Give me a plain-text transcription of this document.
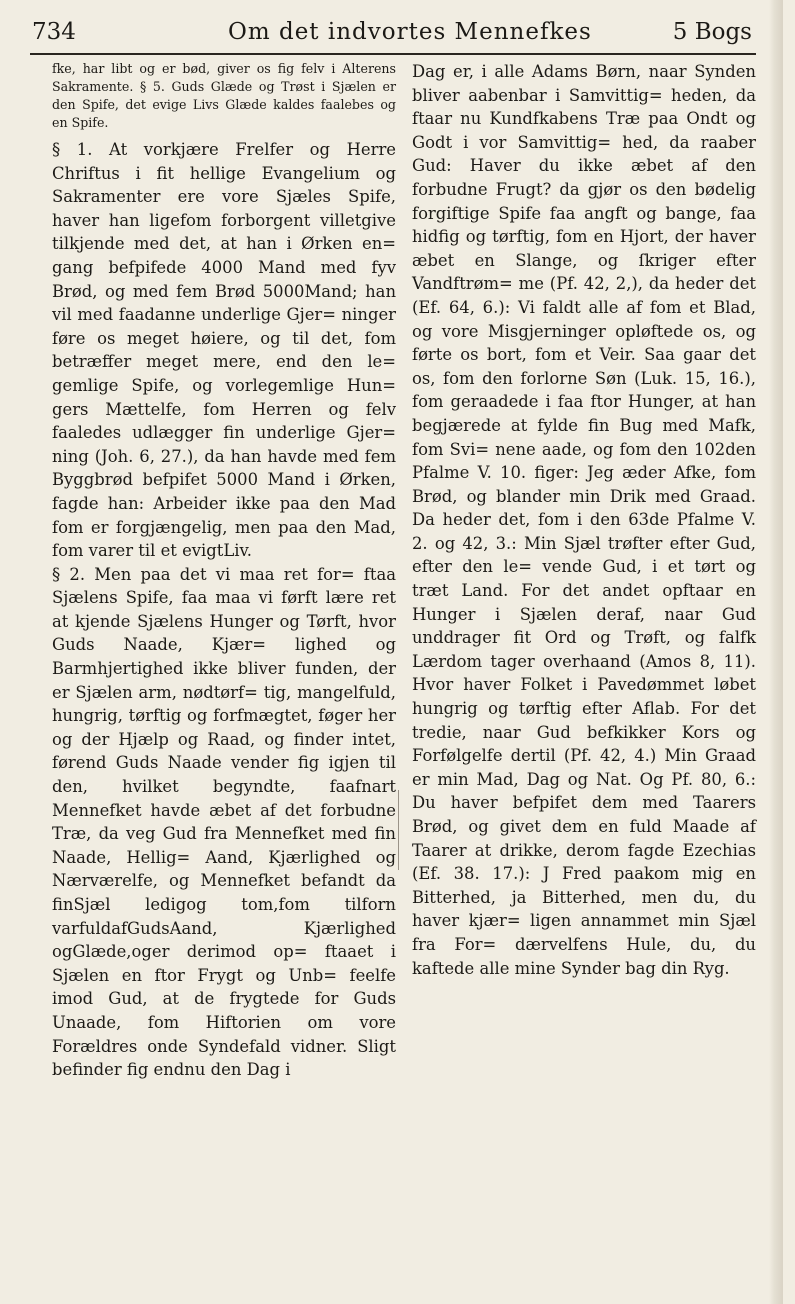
734	Om det indvortes Mennefkes	5 Bogs

fke, har libt og er bød, giver os fig felv i Alterens Sakramente. § 5. Guds Glæde og Trøst i Sjælen er den Spife, det evige Livs Glæde kaldes faalebes og en Spife.

§ 1. At vorkjære Frelfer og Herre Chriftus i fit hellige Evangelium og Sakramenter ere vore Sjæles Spife, haver han ligefom forborgent villetgive tilkjende med det, at han i Ørken en= gang befpifede 4000 Mand med fyv Brød, og med fem Brød 5000Mand; han vil med faadanne underlige Gjer= ninger føre os meget høiere, og til det, fom betræffer meget mere, end den le= gemlige Spife, og vorlegemlige Hun= gers Mættelfe, fom Herren og felv faaledes udlægger fin underlige Gjer= ning (Joh. 6, 27.), da han havde med fem Byggbrød befpifet 5000 Mand i Ørken, fagde han: Arbeider ikke paa den Mad fom er forgjængelig, men paa den Mad, fom varer til et evigtLiv.

§ 2. Men paa det vi maa ret for= ftaa Sjælens Spife, faa maa vi førft lære ret at kjende Sjælens Hunger og Tørft, hvor Guds Naade, Kjær= lighed og Barmhjertighed ikke bliver funden, der er Sjælen arm, nødtørf= tig, mangelfuld, hungrig, tørftig og forfmægtet, føger her og der Hjælp og Raad, og finder intet, førend Guds Naade vender fig igjen til den, hvilket begyndte, faafnart Mennefket havde æbet af det forbudne Træ, da veg Gud fra Mennefket med fin Naade, Hellig= Aand, Kjærlighed og Nærværelfe, og Mennefket befandt da finSjæl ledigog tom,fom tilforn varfuldafGudsAand, Kjærlighed ogGlæde,oger derimod op= ftaaet i Sjælen en ftor Frygt og Unb= feelfe imod Gud, at de frygtede for Guds Unaade, fom Hiftorien om vore Forældres onde Syndefald vidner. Sligt befinder fig endnu den Dag i

Dag er, i alle Adams Børn, naar Synden bliver aabenbar i Samvittig= heden, da ftaar nu Kundfkabens Træ paa Ondt og Godt i vor Samvittig= hed, da raaber Gud: Haver du ikke æbet af den forbudne Frugt? da gjør os den bødelig forgiftige Spife faa angft og bange, faa hidfig og tørftig, fom en Hjort, der haver æbet en Slange, og ſkriger efter Vandftrøm= me (Pf. 42, 2,), da heder det (Ef. 64, 6.): Vi faldt alle af fom et Blad, og vore Misgjerninger opløftede os, og førte os bort, fom et Veir. Saa gaar det os, fom den forlorne Søn (Luk. 15, 16.), fom geraadede i faa ftor Hunger, at han begjærede at fylde fin Bug med Mafk, fom Svi= nene aade, og fom den 102den Pfalme V. 10. figer: Jeg æder Afke, fom Brød, og blander min Drik med Graad. Da heder det, fom i den 63de Pfalme V. 2. og 42, 3.: Min Sjæl trøfter efter Gud, efter den le= vende Gud, i et tørt og træt Land. For det andet opftaar en Hunger i Sjælen deraf, naar Gud unddrager fit Ord og Trøft, og falfk Lærdom tager overhaand (Amos 8, 11). Hvor haver Folket i Pavedømmet løbet hungrig og tørftig efter Aflab. For det tredie, naar Gud befkikker Kors og Forfølgelfe dertil (Pf. 42, 4.) Min Graad er min Mad, Dag og Nat. Og Pf. 80, 6.: Du haver befpifet dem med Taarers Brød, og givet dem en fuld Maade af Taarer at drikke, derom fagde Ezechias (Ef. 38. 17.): J Fred paakom mig en Bitterhed, ja Bitterhed, men du, du haver kjær= ligen annammet min Sjæl fra For= dærvelfens Hule, du, du kaftede alle mine Synder bag din Ryg.
